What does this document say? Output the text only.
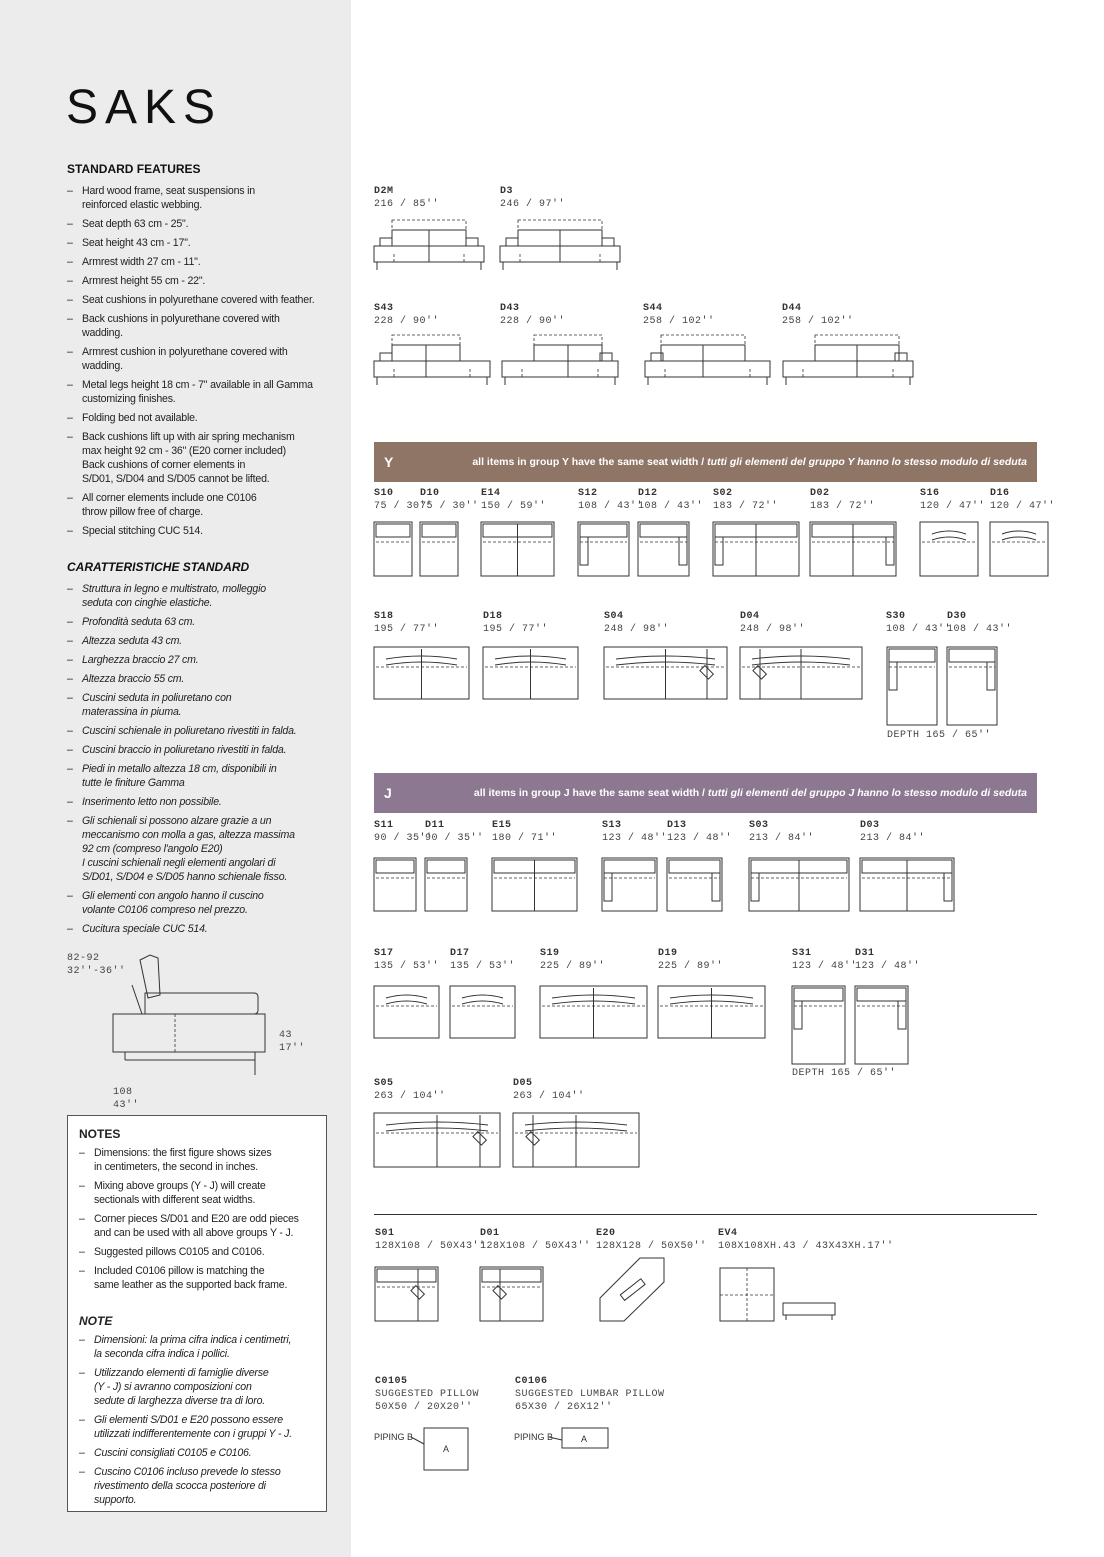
SAKS
STANDARD FEATURES
– Hard wood frame, seat suspensions in
reinforced elastic webbing.
– Seat depth 63 cm - 25".
– Seat height 43 cm - 17".
– Armrest width 27 cm - 11".
– Armrest height 55 cm - 22".
– Seat cushions in polyurethane covered with feather.
– Back cushions in polyurethane covered with
wadding.
– Armrest cushion in polyurethane covered with
wadding.
– Metal legs height 18 cm - 7" available in all Gamma
customizing finishes.
– Folding bed not available.
– Back cushions lift up with air spring mechanism
max height 92 cm - 36" (E20 corner included)
Back cushions of corner elements in
S/D01, S/D04 and S/D05 cannot be lifted.
– All corner elements include one C0106
throw pillow free of charge.
– Special stitching CUC 514.
CARATTERISTICHE STANDARD
– Struttura in legno e multistrato, molleggio
seduta con cinghie elastiche.
– Profondità seduta 63 cm.
– Altezza seduta 43 cm.
– Larghezza bracciо 27 cm.
– Altezza bracciо 55 cm.
– Cuscini seduta in poliuretano con
materassina in piuma.
– Cuscini schienale in poliuretano rivestiti in falda.
– Cuscini bracciо in poliuretano rivestiti in falda.
– Piedi in metallo altezza 18 cm, disponibili in
tutte le finiture Gamma
– Inserimento letto non possibile.
– Gli schienali si possono alzare grazie a un
meccanismo con molla a gas, altezza massima
92 cm (compreso l'angolo E20)
I cuscini schienali negli elementi angolari di
S/D01, S/D04 e S/D05 hanno schienale fisso.
– Gli elementi con angolo hanno il cuscino
volante C0106 compreso nel prezzo.
– Cucitura speciale CUC 514.
82-92
32''-36''
43
17''
108
43''
NOTES
– Dimensions: the first figure shows sizes
in centimeters, the second in inches.
– Mixing above groups (Y - J) will create
sectionals with different seat widths.
– Corner pieces S/D01 and E20 are odd pieces
and can be used with all above groups Y - J.
– Suggested pillows C0105 and C0106.
– Included C0106 pillow is matching the
same leather as the supported back frame.
NOTE
– Dimensioni: la prima cifra indica i centimetri,
la seconda cifra indica i pollici.
– Utilizzando elementi di famiglie diverse
(Y - J) si avranno composizioni con
sedute di larghezza diverse tra di loro.
– Gli elementi S/D01 e E20 possono essere
utilizzati indifferentemente con i gruppi Y - J.
– Cuscini consigliati C0105 e C0106.
– Cuscino C0106 incluso prevede lo stesso
rivestimento della scocca posteriore di
supporto.
Y	all items in group Y have the same seat width / tutti gli elementi del gruppo Y hanno lo stesso modulo di seduta
J	all items in group J have the same seat width / tutti gli elementi del gruppo J hanno lo stesso modulo di seduta
D2M
216 / 85''
D3
246 / 97''
S43
228 / 90''
D43
228 / 90''
S44
258 / 102''
D44
258 / 102''
S10
75 / 30''
D10
75 / 30''
E14
150 / 59''
S12
108 / 43''
D12
108 / 43''
S02
183 / 72''
D02
183 / 72''
S16
120 / 47''
D16
120 / 47''
S18
195 / 77''
D18
195 / 77''
S04
248 / 98''
D04
248 / 98''
S30
108 / 43''
D30
108 / 43''
DEPTH 165 / 65''
S11
90 / 35''
D11
90 / 35''
E15
180 / 71''
S13
123 / 48''
D13
123 / 48''
S03
213 / 84''
D03
213 / 84''
S17
135 / 53''
D17
135 / 53''
S19
225 / 89''
D19
225 / 89''
S31
123 / 48''
D31
123 / 48''
DEPTH 165 / 65''
S05
263 / 104''
D05
263 / 104''
S01
128X108 / 50X43''
D01
128X108 / 50X43''
E20
128X128 / 50X50''
EV4
108X108XH.43 / 43X43XH.17''
C0105
SUGGESTED PILLOW
50X50 / 20X20''
PIPING B
A
C0106
SUGGESTED LUMBAR PILLOW
65X30 / 26X12''
PIPING B	A
